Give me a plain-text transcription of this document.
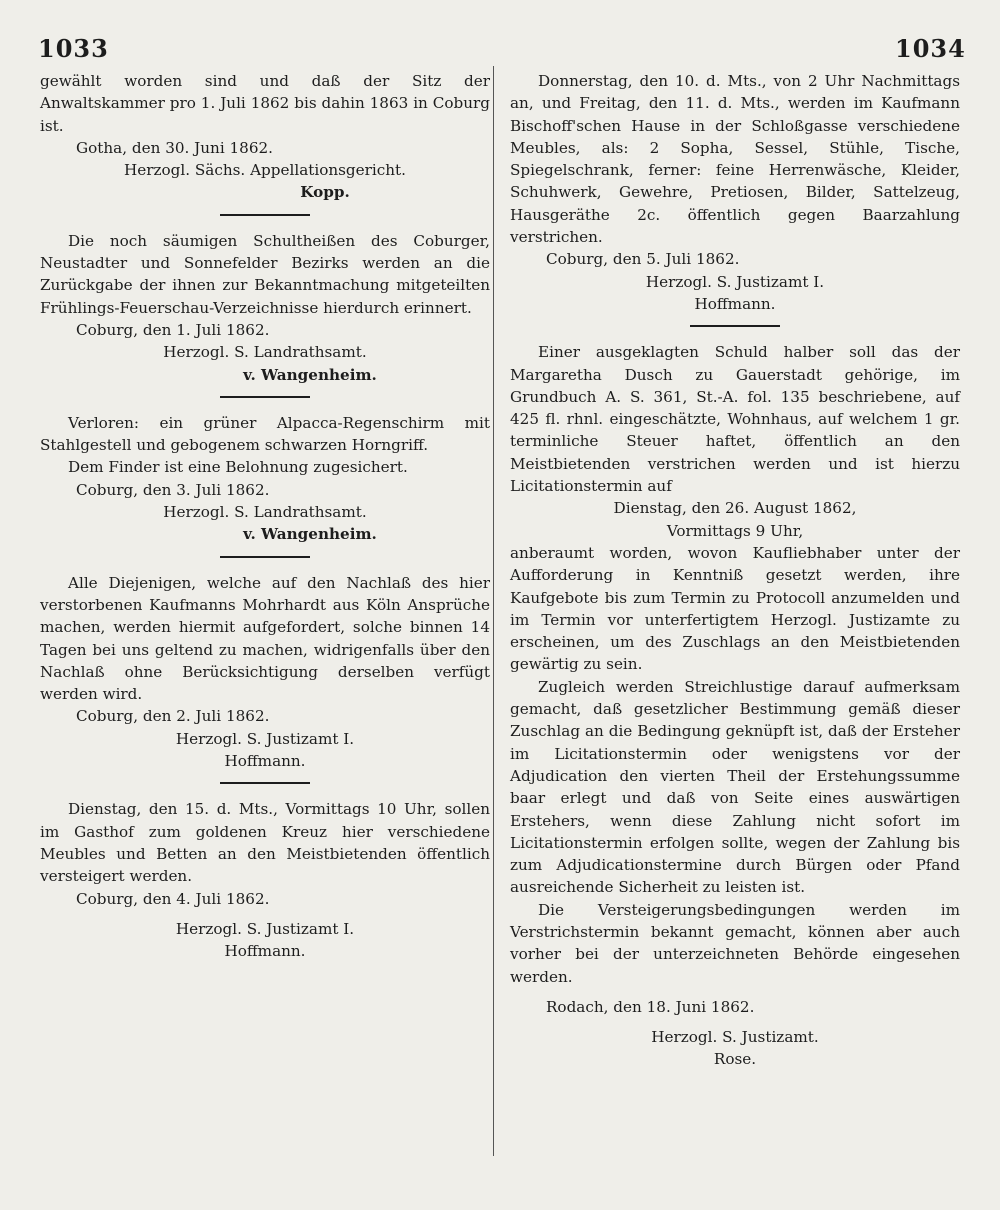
1033	1034

gewählt worden sind und daß der Sitz der Anwaltskammer pro 1. Juli 1862 bis dahin 1863 in Coburg ist.

Gotha, den 30. Juni 1862.

Herzogl. Sächs. Appellationsgericht.

Kopp.

Die noch säumigen Schultheißen des Coburger, Neustadter und Sonnefelder Bezirks werden an die Zurückgabe der ihnen zur Bekanntmachung mitgeteilten Frühlings-Feuerschau-Verzeichnisse hierdurch erinnert.

Coburg, den 1. Juli 1862.

Herzogl. S. Landrathsamt.

v. Wangenheim.

Verloren: ein grüner Alpacca-Regenschirm mit Stahlgestell und gebogenem schwarzen Horngriff.

Dem Finder ist eine Belohnung zugesichert.

Coburg, den 3. Juli 1862.

Herzogl. S. Landrathsamt.

v. Wangenheim.

Alle Diejenigen, welche auf den Nachlaß des hier verstorbenen Kaufmanns Mohrhardt aus Köln Ansprüche machen, werden hiermit aufgefordert, solche binnen 14 Tagen bei uns geltend zu machen, widrigenfalls über den Nachlaß ohne Berücksichtigung derselben verfügt werden wird.

Coburg, den 2. Juli 1862.

Herzogl. S. Justizamt I.

Hoffmann.

Dienstag, den 15. d. Mts., Vormittags 10 Uhr, sollen im Gasthof zum goldenen Kreuz hier verschiedene Meubles und Betten an den Meistbietenden öffentlich versteigert werden.

Coburg, den 4. Juli 1862.

Herzogl. S. Justizamt I.

Hoffmann.

Donnerstag, den 10. d. Mts., von 2 Uhr Nachmittags an, und Freitag, den 11. d. Mts., werden im Kaufmann Bischoff'schen Hause in der Schloßgasse verschiedene Meubles, als: 2 Sopha, Sessel, Stühle, Tische, Spiegelschrank, ferner: feine Herrenwäsche, Kleider, Schuhwerk, Gewehre, Pretiosen, Bilder, Sattelzeug, Hausgeräthe 2c. öffentlich gegen Baarzahlung verstrichen.

Coburg, den 5. Juli 1862.

Herzogl. S. Justizamt I.

Hoffmann.

Einer ausgeklagten Schuld halber soll das der Margaretha Dusch zu Gauerstadt gehörige, im Grundbuch A. S. 361, St.-A. fol. 135 beschriebene, auf 425 fl. rhnl. eingeschätzte, Wohnhaus, auf welchem 1 gr. terminliche Steuer haftet, öffentlich an den Meistbietenden verstrichen werden und ist hierzu Licitationstermin auf

Dienstag, den 26. August 1862,

Vormittags 9 Uhr,

anberaumt worden, wovon Kaufliebhaber unter der Aufforderung in Kenntniß gesetzt werden, ihre Kaufgebote bis zum Termin zu Protocoll anzumelden und im Termin vor unterfertigtem Herzogl. Justizamte zu erscheinen, um des Zuschlags an den Meistbietenden gewärtig zu sein.

Zugleich werden Streichlustige darauf aufmerksam gemacht, daß gesetzlicher Bestimmung gemäß dieser Zuschlag an die Bedingung geknüpft ist, daß der Ersteher im Licitationstermin oder wenigstens vor der Adjudication den vierten Theil der Erstehungssumme baar erlegt und daß von Seite eines auswärtigen Erstehers, wenn diese Zahlung nicht sofort im Licitationstermin erfolgen sollte, wegen der Zahlung bis zum Adjudicationstermine durch Bürgen oder Pfand ausreichende Sicherheit zu leisten ist.

Die Versteigerungsbedingungen werden im Verstrichstermin bekannt gemacht, können aber auch vorher bei der unterzeichneten Behörde eingesehen werden.

Rodach, den 18. Juni 1862.

Herzogl. S. Justizamt.

Rose.
